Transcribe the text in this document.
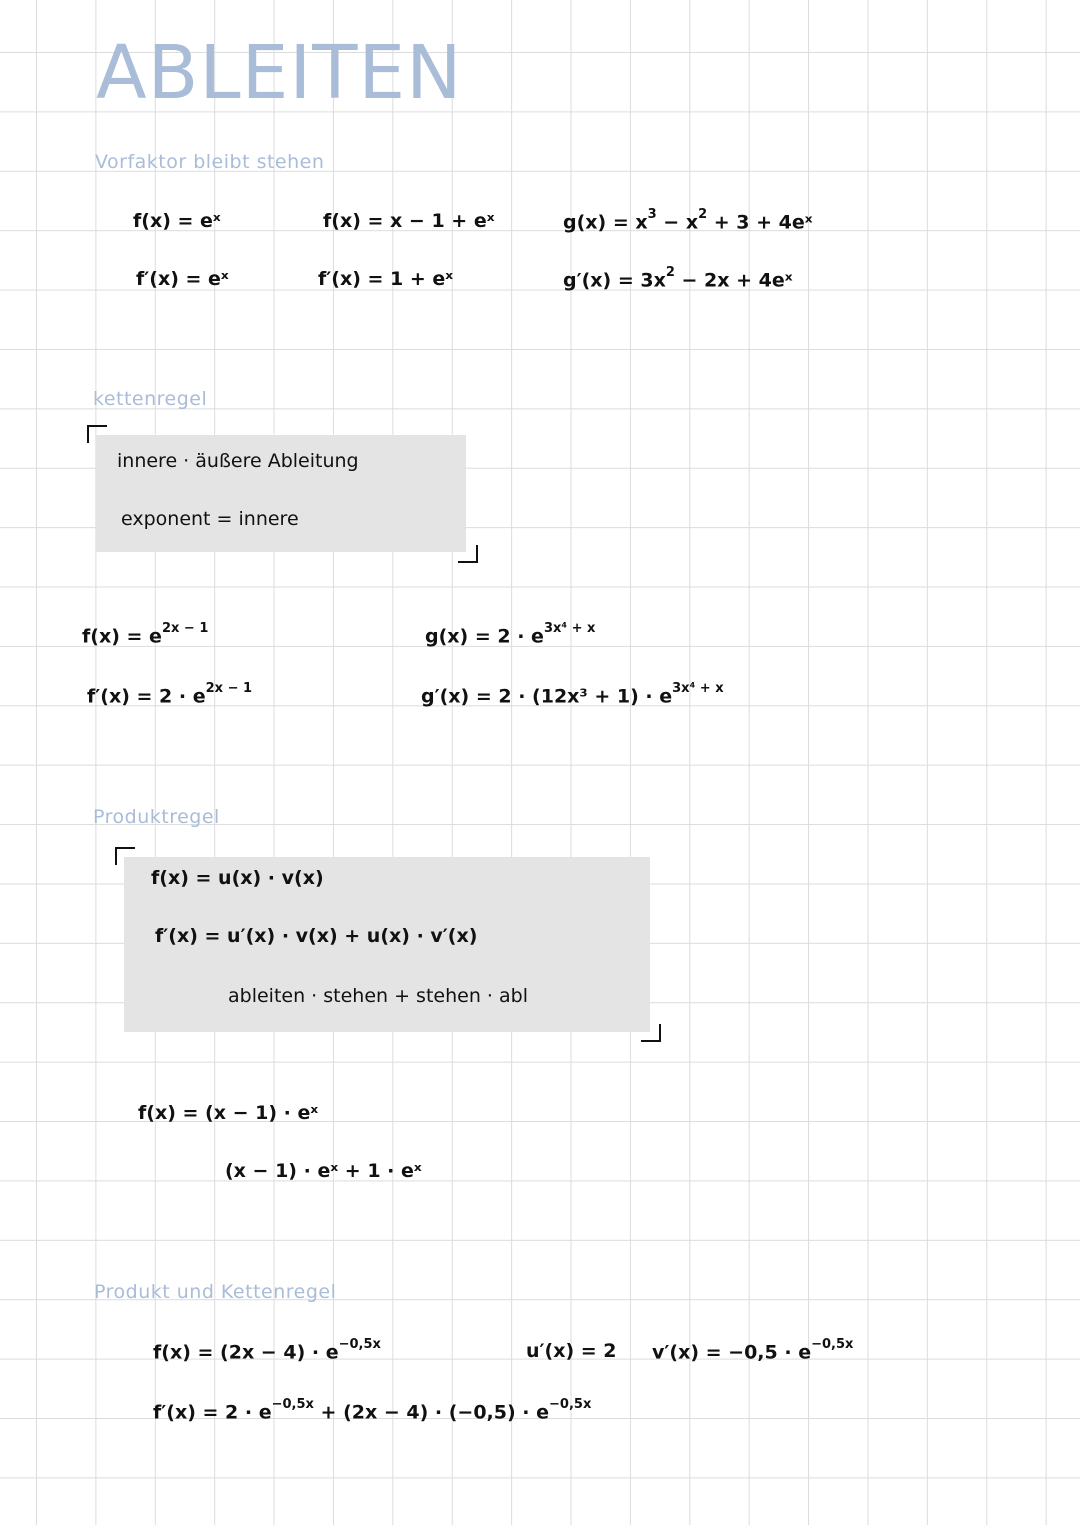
ABLEITEN
Vorfaktor bleibt stehen
f(x) = eˣ
f′(x) = eˣ
f(x) = x − 1 + eˣ
f′(x) = 1 + eˣ
$g(x) = x^3 - x^2 + 3$ + 4eˣ
$g'(x) = 3x^2 - 2x$ + 4eˣ
kettenregel
innere · äußere Ableitung
exponent = innere
$f(x) = e^{2x - 1}$
$f'(x) = 2 \cdot e^{2x - 1}$
$g(x) = 2 \cdot e^{3x^4 + x}$
$g'(x) = 2 \cdot (12x^3 + 1) \cdot e^{3x^4 + x}$
Produktregel
f(x) = u(x) · v(x)
f′(x) = u′(x) · v(x) + u(x) · v′(x)
ableiten · stehen + stehen · abl
f(x) = (x − 1) · eˣ
(x − 1) · eˣ + 1 · eˣ
Produkt und Kettenregel
$f(x) = (2x - 4) \cdot e^{-0,5x}$	u′(x) = 2 $v'(x) = -0,5 \cdot e^{-0,5x}$
$f'(x) = 2 \cdot e^{-0,5x} + (2x - 4) \cdot (-0,5) \cdot e^{-0,5x}$
